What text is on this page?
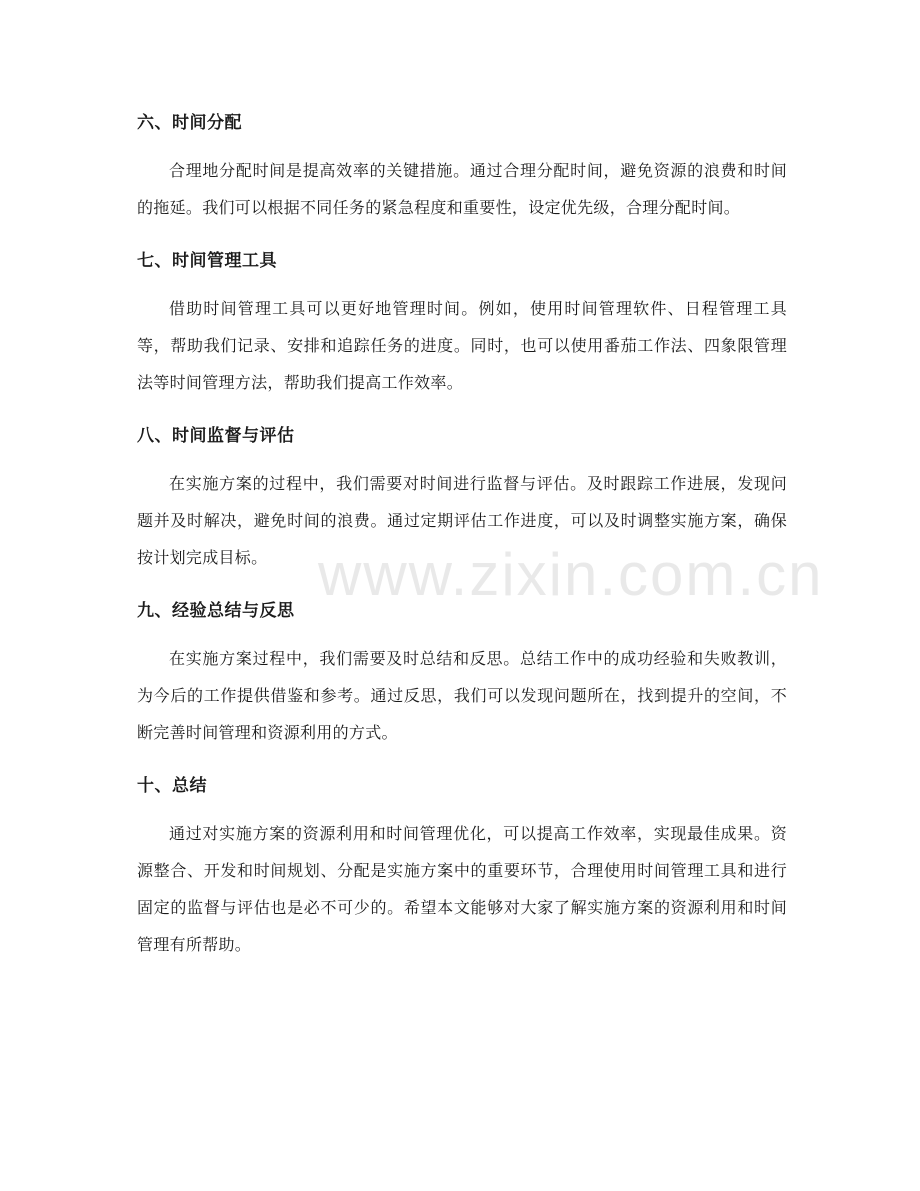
六、时间分配

合理地分配时间是提高效率的关键措施。通过合理分配时间，避免资源的浪费和时间的拖延。我们可以根据不同任务的紧急程度和重要性，设定优先级，合理分配时间。

七、时间管理工具

借助时间管理工具可以更好地管理时间。例如，使用时间管理软件、日程管理工具等，帮助我们记录、安排和追踪任务的进度。同时，也可以使用番茄工作法、四象限管理法等时间管理方法，帮助我们提高工作效率。

八、时间监督与评估

在实施方案的过程中，我们需要对时间进行监督与评估。及时跟踪工作进展，发现问题并及时解决，避免时间的浪费。通过定期评估工作进度，可以及时调整实施方案，确保按计划完成目标。

九、经验总结与反思

在实施方案过程中，我们需要及时总结和反思。总结工作中的成功经验和失败教训，为今后的工作提供借鉴和参考。通过反思，我们可以发现问题所在，找到提升的空间，不断完善时间管理和资源利用的方式。

十、总结

通过对实施方案的资源利用和时间管理优化，可以提高工作效率，实现最佳成果。资源整合、开发和时间规划、分配是实施方案中的重要环节，合理使用时间管理工具和进行固定的监督与评估也是必不可少的。希望本文能够对大家了解实施方案的资源利用和时间管理有所帮助。

www.zixin.com.cn
